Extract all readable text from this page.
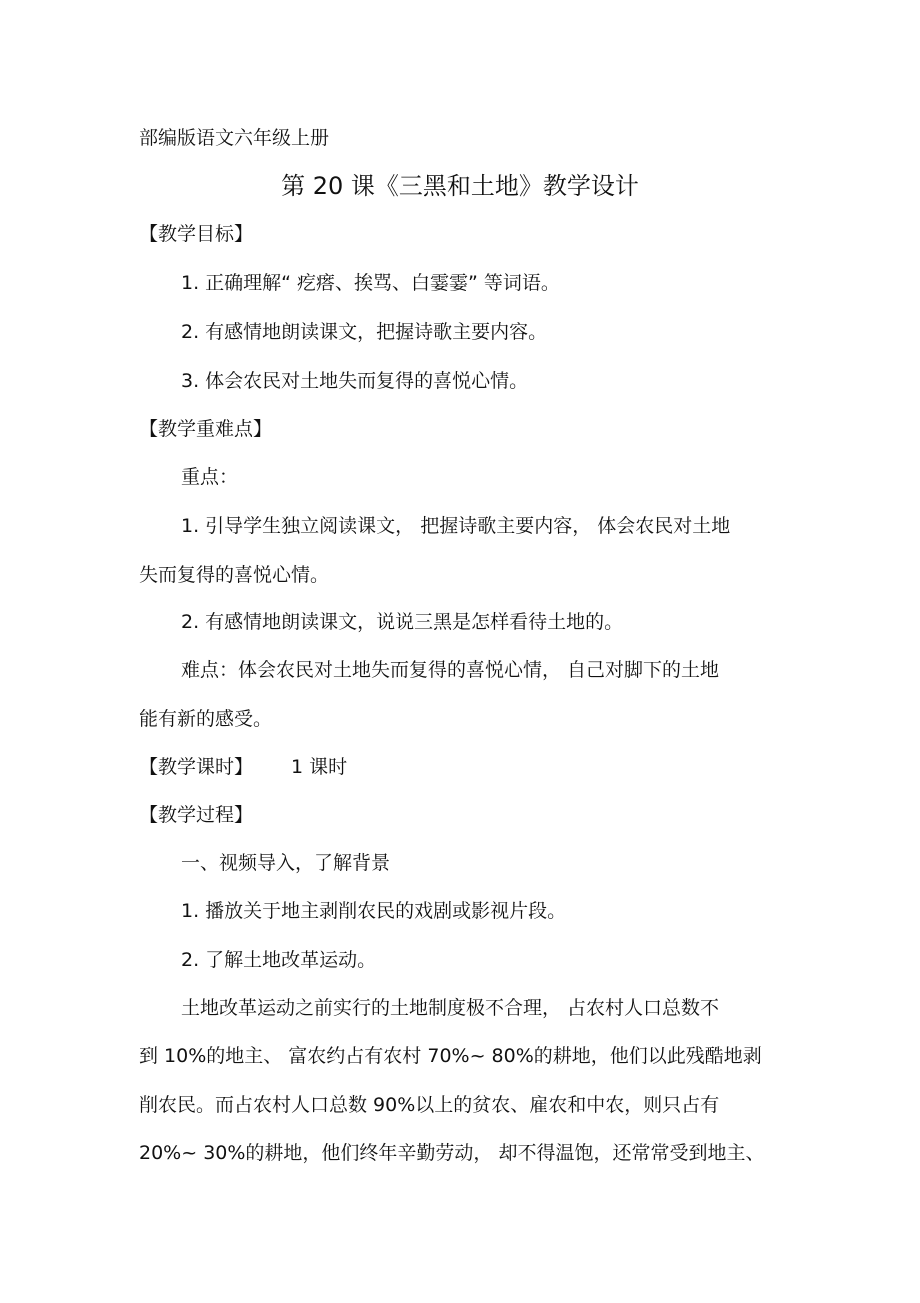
部编版语文六年级上册
第 20 课《三黑和土地》教学设计
【教学目标】
1. 正确理解“ 疙瘩、挨骂、白霎霎” 等词语。
2. 有感情地朗读课文，把握诗歌主要内容。
3. 体会农民对土地失而复得的喜悦心情。
【教学重难点】
重点：
1. 引导学生独立阅读课文， 把握诗歌主要内容， 体会农民对土地
失而复得的喜悦心情。
2. 有感情地朗读课文，说说三黑是怎样看待土地的。
难点：体会农民对土地失而复得的喜悦心情， 自己对脚下的土地
能有新的感受。
【教学课时】 1 课时
【教学过程】
一、视频导入，了解背景
1. 播放关于地主剥削农民的戏剧或影视片段。
2. 了解土地改革运动。
土地改革运动之前实行的土地制度极不合理， 占农村人口总数不
到 10%的地主、 富农约占有农村 70%~ 80%的耕地，他们以此残酷地剥
削农民。而占农村人口总数 90%以上的贫农、雇农和中农，则只占有
20%~ 30%的耕地，他们终年辛勤劳动， 却不得温饱，还常常受到地主、
